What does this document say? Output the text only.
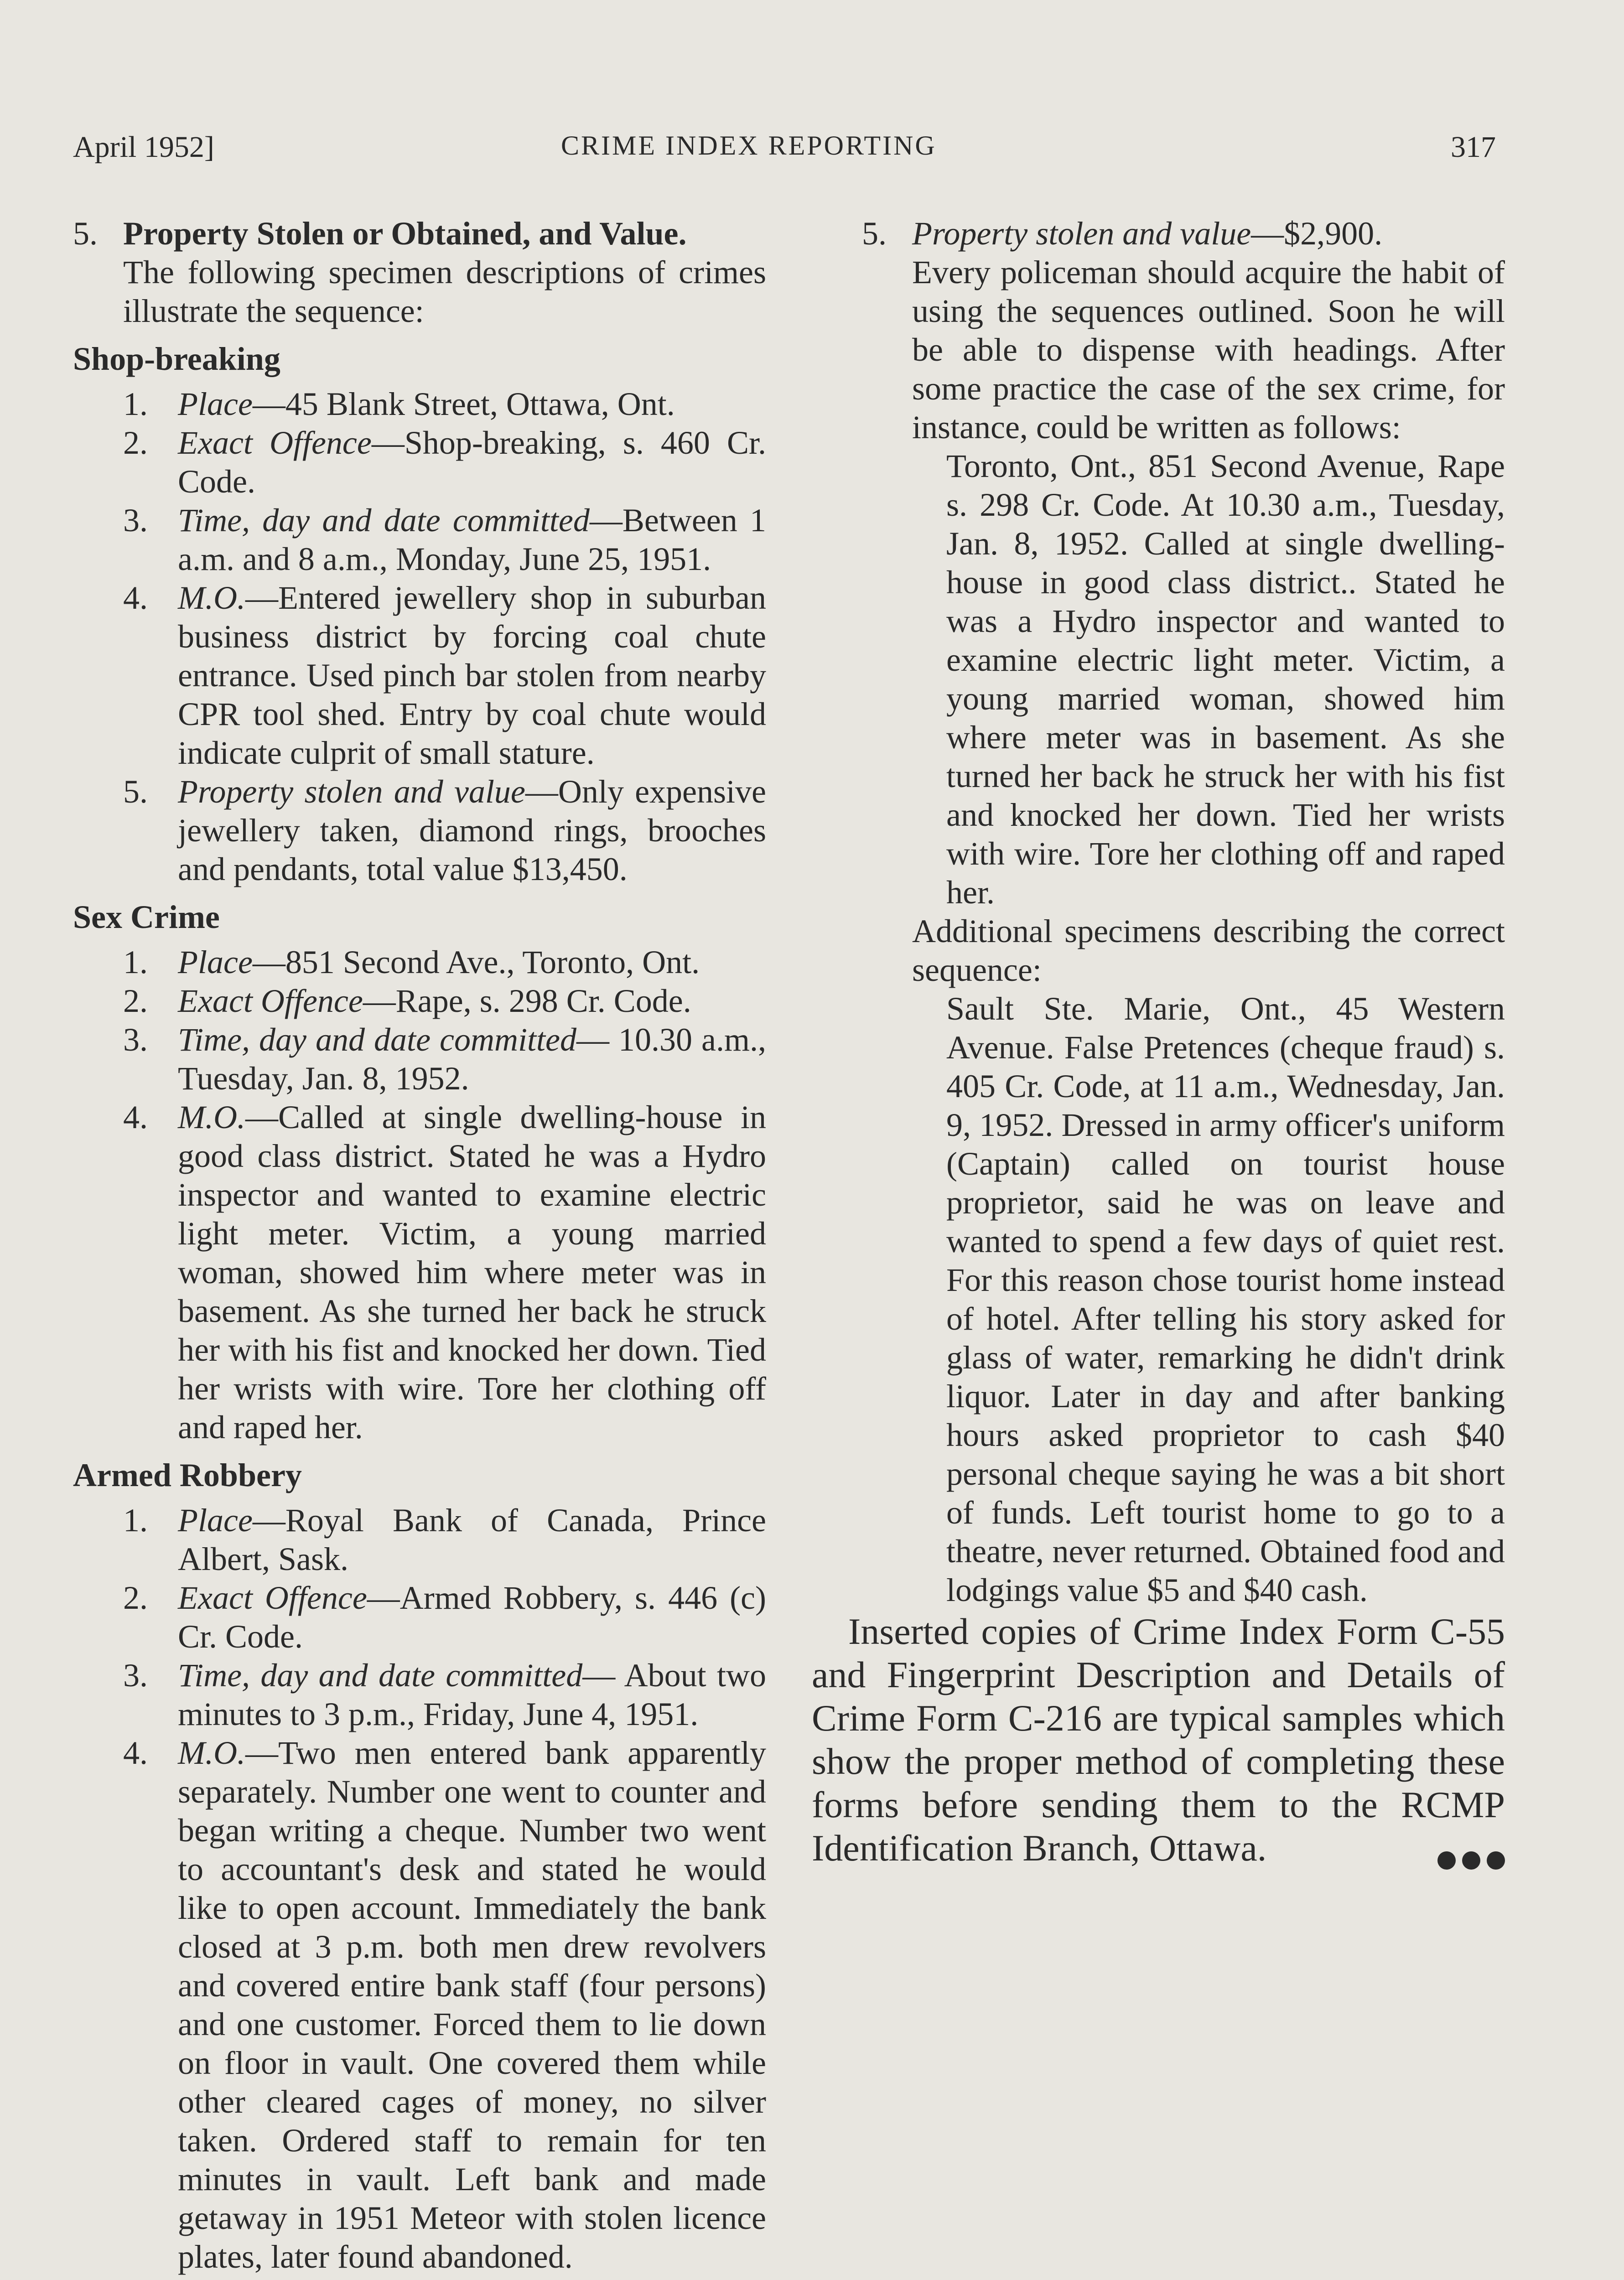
April 1952]	CRIME INDEX REPORTING	317
5. Property Stolen or Obtained, and Value.

The following specimen descriptions of crimes illustrate the sequence:

Shop-breaking
1. Place—45 Blank Street, Ottawa, Ont.
2. Exact Offence—Shop-breaking, s. 460 Cr. Code.
3. Time, day and date committed—Between 1 a.m. and 8 a.m., Monday, June 25, 1951.
4. M.O.—Entered jewellery shop in suburban business district by forcing coal chute entrance. Used pinch bar stolen from nearby CPR tool shed. Entry by coal chute would indicate culprit of small stature.
5. Property stolen and value—Only expensive jewellery taken, diamond rings, brooches and pendants, total value $13,450.
Sex Crime
1. Place—851 Second Ave., Toronto, Ont.
2. Exact Offence—Rape, s. 298 Cr. Code.
3. Time, day and date committed— 10.30 a.m., Tuesday, Jan. 8, 1952.
4. M.O.—Called at single dwelling-house in good class district. Stated he was a Hydro inspector and wanted to examine electric light meter. Victim, a young married woman, showed him where meter was in basement. As she turned her back he struck her with his fist and knocked her down. Tied her wrists with wire. Tore her clothing off and raped her.
Armed Robbery
1. Place—Royal Bank of Canada, Prince Albert, Sask.
2. Exact Offence—Armed Robbery, s. 446 (c) Cr. Code.
3. Time, day and date committed— About two minutes to 3 p.m., Friday, June 4, 1951.
4. M.O.—Two men entered bank apparently separately. Number one went to counter and began writing a cheque. Number two went to accountant's desk and stated he would like to open account. Immediately the bank closed at 3 p.m. both men drew revolvers and covered entire bank staff (four persons) and one customer. Forced them to lie down on floor in vault. One covered them while other cleared cages of money, no silver taken. Ordered staff to remain for ten minutes in vault. Left bank and made getaway in 1951 Meteor with stolen licence plates, later found abandoned.
5. Property stolen and value—$2,900.

Every policeman should acquire the habit of using the sequences outlined. Soon he will be able to dispense with headings. After some practice the case of the sex crime, for instance, could be written as follows:

Toronto, Ont., 851 Second Avenue, Rape s. 298 Cr. Code. At 10.30 a.m., Tuesday, Jan. 8, 1952. Called at single dwelling-house in good class district.. Stated he was a Hydro inspector and wanted to examine electric light meter. Victim, a young married woman, showed him where meter was in basement. As she turned her back he struck her with his fist and knocked her down. Tied her wrists with wire. Tore her clothing off and raped her.

Additional specimens describing the correct sequence:

Sault Ste. Marie, Ont., 45 Western Avenue. False Pretences (cheque fraud) s. 405 Cr. Code, at 11 a.m., Wednesday, Jan. 9, 1952. Dressed in army officer's uniform (Captain) called on tourist house proprietor, said he was on leave and wanted to spend a few days of quiet rest. For this reason chose tourist home instead of hotel. After telling his story asked for glass of water, remarking he didn't drink liquor. Later in day and after banking hours asked proprietor to cash $40 personal cheque saying he was a bit short of funds. Left tourist home to go to a theatre, never returned. Obtained food and lodgings value $5 and $40 cash.

Inserted copies of Crime Index Form C-55 and Fingerprint Description and Details of Crime Form C-216 are typical samples which show the proper method of completing these forms before sending them to the RCMP Identification Branch, Ottawa.
